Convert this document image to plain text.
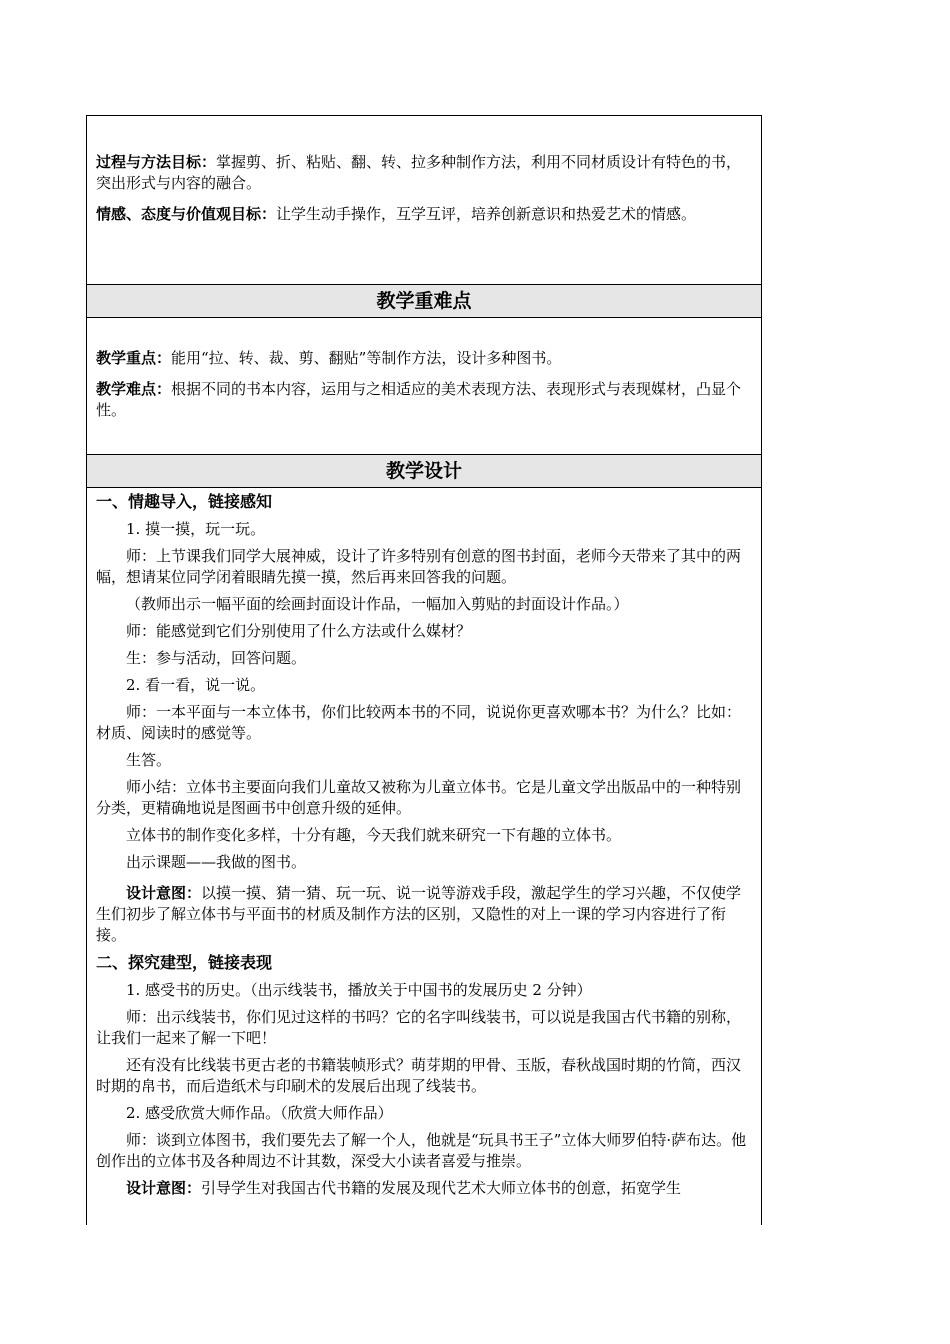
过程与方法目标：掌握剪、折、粘贴、翻、转、拉多种制作方法，利用不同材质设计有特色的书，突出形式与内容的融合。

情感、态度与价值观目标：让学生动手操作，互学互评，培养创新意识和热爱艺术的情感。

教学重难点

教学重点：能用“拉、转、裁、剪、翻贴”等制作方法，设计多种图书。

教学难点：根据不同的书本内容，运用与之相适应的美术表现方法、表现形式与表现媒材，凸显个性。

教学设计

一、情趣导入，链接感知

1. 摸一摸，玩一玩。

师：上节课我们同学大展神威，设计了许多特别有创意的图书封面，老师今天带来了其中的两幅，想请某位同学闭着眼睛先摸一摸，然后再来回答我的问题。

（教师出示一幅平面的绘画封面设计作品，一幅加入剪贴的封面设计作品。）

师：能感觉到它们分别使用了什么方法或什么媒材？

生：参与活动，回答问题。

2. 看一看，说一说。

师：一本平面与一本立体书，你们比较两本书的不同，说说你更喜欢哪本书？为什么？比如：材质、阅读时的感觉等。

生答。

师小结：立体书主要面向我们儿童故又被称为儿童立体书。它是儿童文学出版品中的一种特别分类，更精确地说是图画书中创意升级的延伸。

立体书的制作变化多样，十分有趣，今天我们就来研究一下有趣的立体书。

出示课题——我做的图书。

设计意图：以摸一摸、猜一猜、玩一玩、说一说等游戏手段，激起学生的学习兴趣，不仅使学生们初步了解立体书与平面书的材质及制作方法的区别，又隐性的对上一课的学习内容进行了衔接。

二、探究建型，链接表现

1. 感受书的历史。（出示线装书，播放关于中国书的发展历史 2 分钟）

师：出示线装书，你们见过这样的书吗？它的名字叫线装书，可以说是我国古代书籍的别称，让我们一起来了解一下吧！

还有没有比线装书更古老的书籍装帧形式？萌芽期的甲骨、玉版，春秋战国时期的竹简，西汉时期的帛书，而后造纸术与印刷术的发展后出现了线装书。

2. 感受欣赏大师作品。（欣赏大师作品）

师：谈到立体图书，我们要先去了解一个人，他就是“玩具书王子”立体大师罗伯特·萨布达。他创作出的立体书及各种周边不计其数，深受大小读者喜爱与推崇。

设计意图：引导学生对我国古代书籍的发展及现代艺术大师立体书的创意，拓宽学生
